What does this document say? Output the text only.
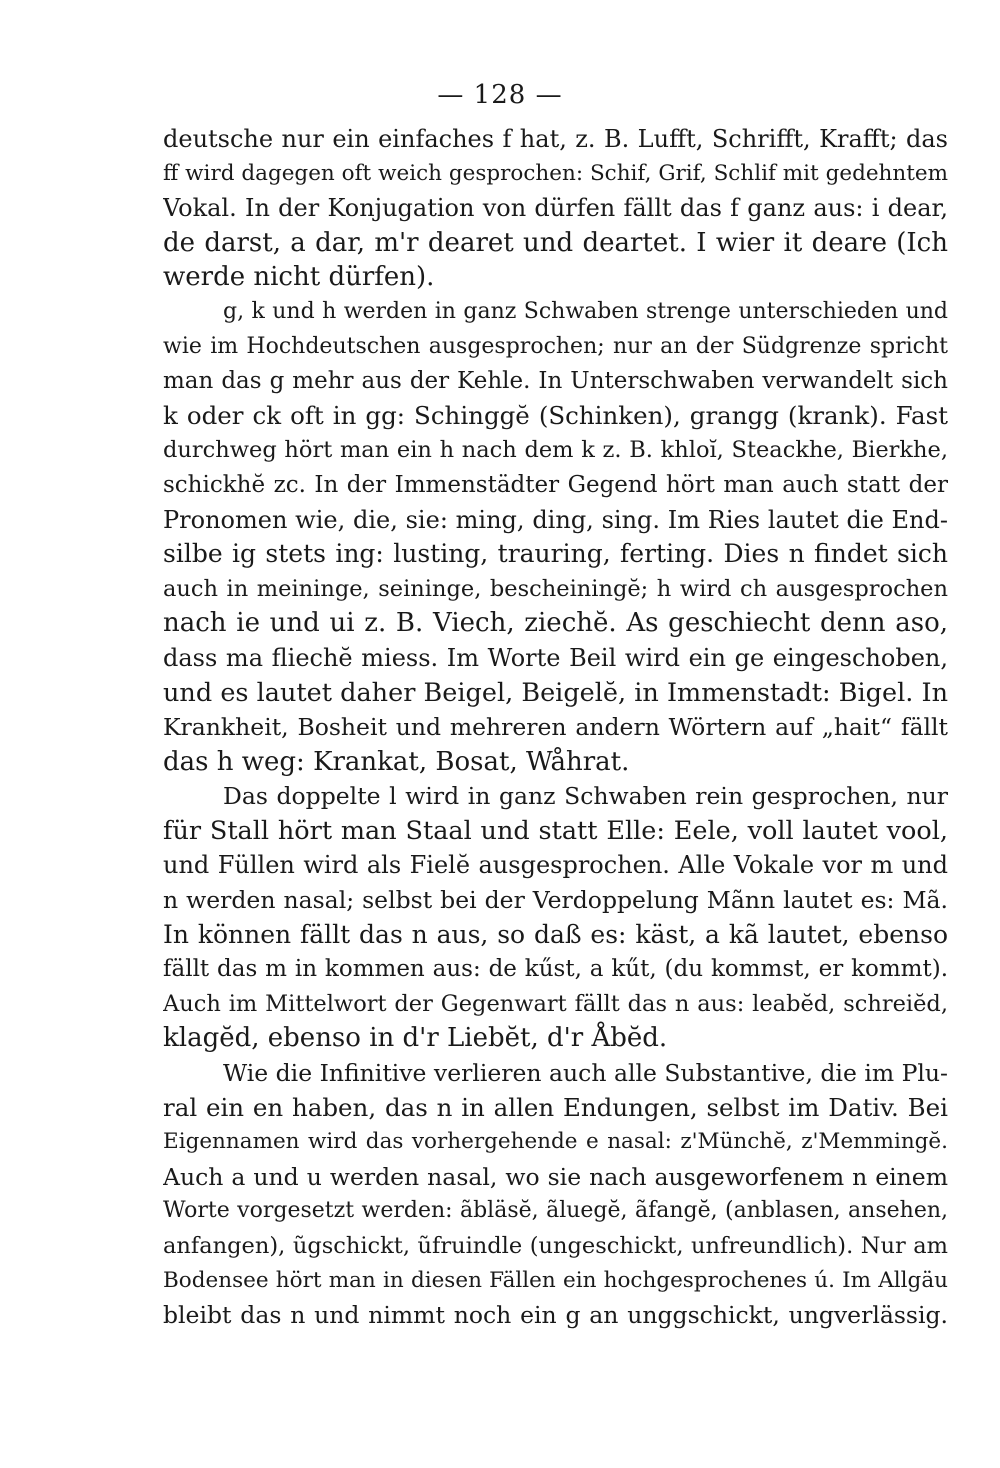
— 128 —
deutsche nur ein einfaches f hat, z. B. Lufft, Schrifft, Krafft; das
ff wird dagegen oft weich gesprochen: Schif, Grif, Schlif mit gedehntem
Vokal. In der Konjugation von dürfen fällt das f ganz aus: i dear,
de darst, a dar, m'r dearet und deartet. I wier it deare (Ich
werde nicht dürfen).
g, k und h werden in ganz Schwaben strenge unterschieden und
wie im Hochdeutschen ausgesprochen; nur an der Südgrenze spricht
man das g mehr aus der Kehle. In Unterschwaben verwandelt sich
k oder ck oft in gg: Schinggĕ (Schinken), grangg (krank). Fast
durchweg hört man ein h nach dem k z. B. khloĭ, Steackhe, Bierkhe,
schickhĕ zc. In der Immenstädter Gegend hört man auch statt der
Pronomen wie, die, sie: ming, ding, sing. Im Ries lautet die End-
silbe ig stets ing: lusting, trauring, ferting. Dies n findet sich
auch in meininge, seininge, bescheiningĕ; h wird ch ausgesprochen
nach ie und ui z. B. Viech, ziechĕ. As geschiecht denn aso,
dass ma fliechĕ miess. Im Worte Beil wird ein ge eingeschoben,
und es lautet daher Beigel, Beigelĕ, in Immenstadt: Bigel. In
Krankheit, Bosheit und mehreren andern Wörtern auf „hait“ fällt
das h weg: Krankat, Bosat, Wåhrat.
Das doppelte l wird in ganz Schwaben rein gesprochen, nur
für Stall hört man Staal und statt Elle: Eele, voll lautet vool,
und Füllen wird als Fielĕ ausgesprochen. Alle Vokale vor m und
n werden nasal; selbst bei der Verdoppelung Mãnn lautet es: Mã.
In können fällt das n aus, so daß es: käst, a kã lautet, ebenso
fällt das m in kommen aus: de kűst, a kűt, (du kommst, er kommt).
Auch im Mittelwort der Gegenwart fällt das n aus: leabĕd, schreiĕd,
klagĕd, ebenso in d'r Liebĕt, d'r Åbĕd.
Wie die Infinitive verlieren auch alle Substantive, die im Plu-
ral ein en haben, das n in allen Endungen, selbst im Dativ. Bei
Eigennamen wird das vorhergehende e nasal: z'Münchĕ, z'Memmingĕ.
Auch a und u werden nasal, wo sie nach ausgeworfenem n einem
Worte vorgesetzt werden: ãbläsĕ, ãluegĕ, ãfangĕ, (anblasen, ansehen,
anfangen), ũgschickt, ũfruindle (ungeschickt, unfreundlich). Nur am
Bodensee hört man in diesen Fällen ein hochgesprochenes ú. Im Allgäu
bleibt das n und nimmt noch ein g an unggschickt, ungverlässig.
